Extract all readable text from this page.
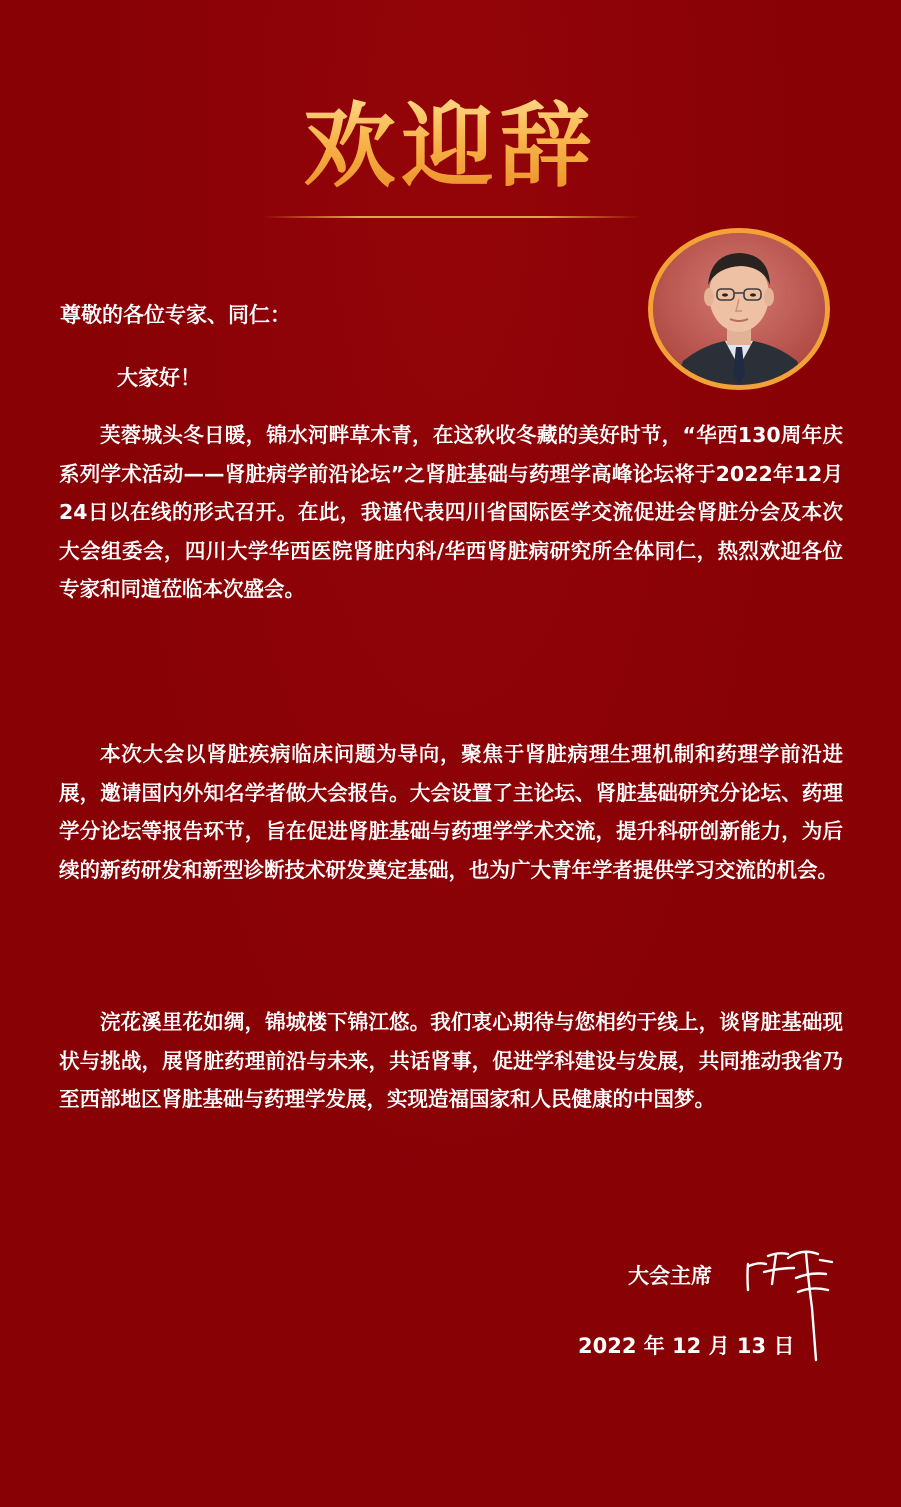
欢迎辞
尊敬的各位专家、同仁：
大家好！

芙蓉城头冬日暖，锦水河畔草木青，在这秋收冬藏的美好时节，“华西130周年庆系列学术活动——肾脏病学前沿论坛”之肾脏基础与药理学高峰论坛将于2022年12月24日以在线的形式召开。在此，我谨代表四川省国际医学交流促进会肾脏分会及本次大会组委会，四川大学华西医院肾脏内科/华西肾脏病研究所全体同仁，热烈欢迎各位专家和同道莅临本次盛会。

本次大会以肾脏疾病临床问题为导向，聚焦于肾脏病理生理机制和药理学前沿进展，邀请国内外知名学者做大会报告。大会设置了主论坛、肾脏基础研究分论坛、药理学分论坛等报告环节，旨在促进肾脏基础与药理学学术交流，提升科研创新能力，为后续的新药研发和新型诊断技术研发奠定基础，也为广大青年学者提供学习交流的机会。

浣花溪里花如绸，锦城楼下锦江悠。我们衷心期待与您相约于线上，谈肾脏基础现状与挑战，展肾脏药理前沿与未来，共话肾事，促进学科建设与发展，共同推动我省乃至西部地区肾脏基础与药理学发展，实现造福国家和人民健康的中国梦。

大会主席
2022 年 12 月 13 日
